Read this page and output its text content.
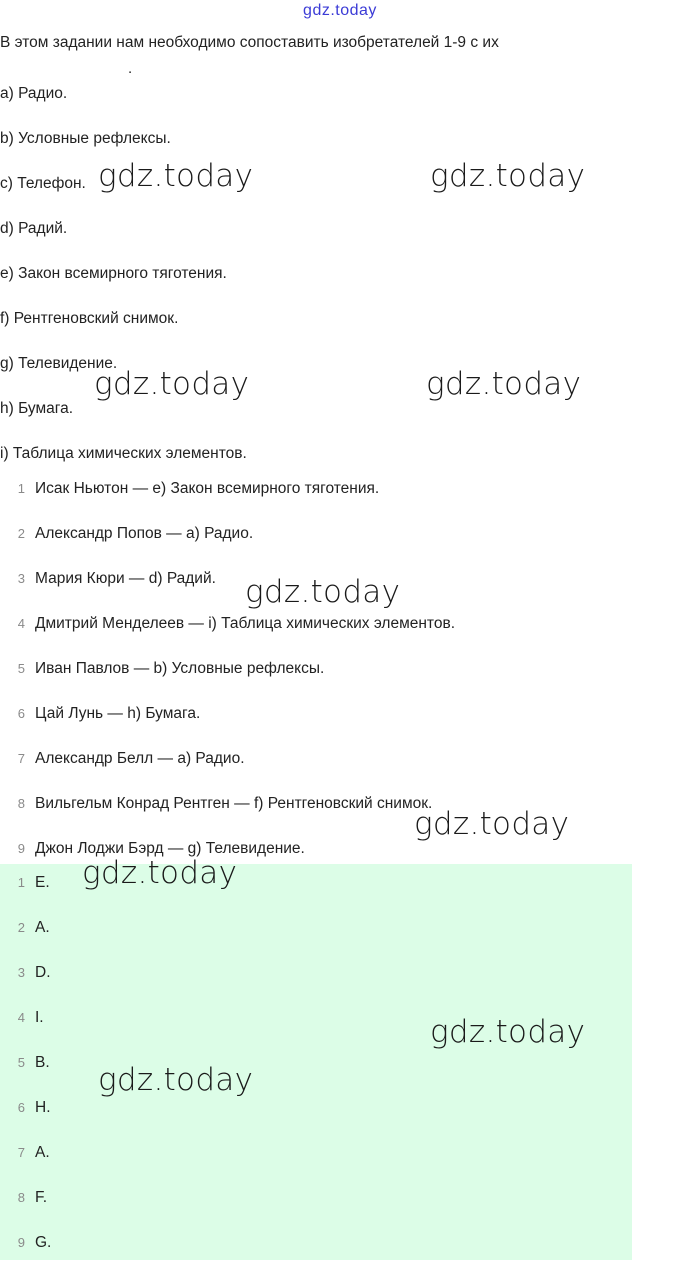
gdz.today
В этом задании нам необходимо сопоставить изобретателей 1-9 с их
.
a) Радио.
b) Условные рефлексы.
c) Телефон.
d) Радий.
e) Закон всемирного тяготения.
f) Рентгеновский снимок.
g) Телевидение.
h) Бумага.
i) Таблица химических элементов.
1 Исак Ньютон — e) Закон всемирного тяготения.
2 Александр Попов — a) Радио.
3 Мария Кюри — d) Радий.
4 Дмитрий Менделеев — i) Таблица химических элементов.
5 Иван Павлов — b) Условные рефлексы.
6 Цай Лунь — h) Бумага.
7 Александр Белл — a) Радио.
8 Вильгельм Конрад Рентген — f) Рентгеновский снимок.
9 Джон Лоджи Бэрд — g) Телевидение.
1 E.
2 A.
3 D.
4 I.
5 B.
6 H.
7 A.
8 F.
9 G.
gdz.today	gdz.today
gdz.today	gdz.today
gdz.today
gdz.today
gdz.today
gdz.today
gdz.today
